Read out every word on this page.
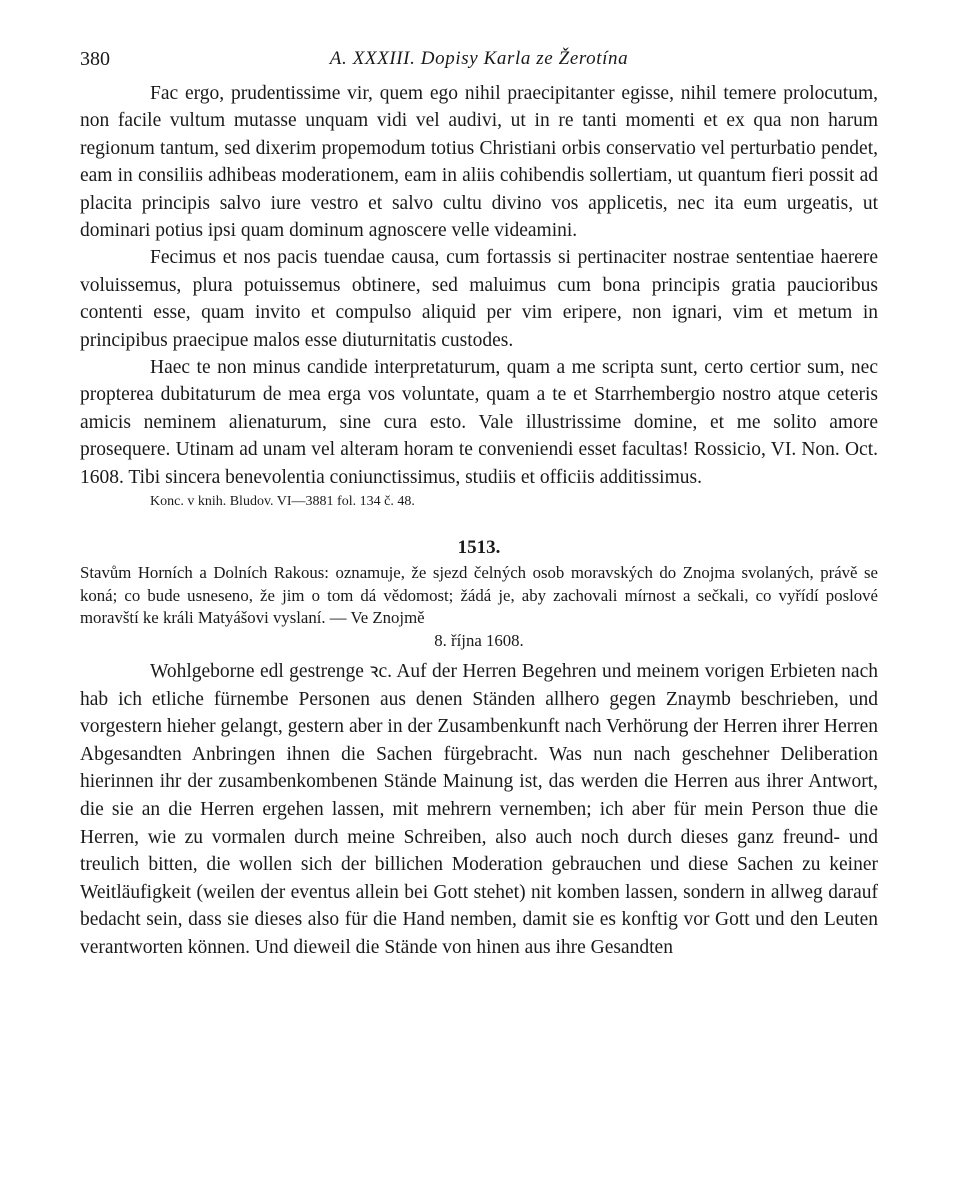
380	A. XXXIII. Dopisy Karla ze Žerotína

Fac ergo, prudentissime vir, quem ego nihil praecipitanter egisse, nihil temere prolocutum, non facile vultum mutasse unquam vidi vel audivi, ut in re tanti momenti et ex qua non harum regionum tantum, sed dixerim propemodum totius Christiani orbis conservatio vel perturbatio pendet, eam in consiliis adhibeas moderationem, eam in aliis cohibendis sollertiam, ut quantum fieri possit ad placita principis salvo iure vestro et salvo cultu divino vos applicetis, nec ita eum urgeatis, ut dominari potius ipsi quam dominum agnoscere velle videamini.

Fecimus et nos pacis tuendae causa, cum fortassis si pertinaciter nostrae sententiae haerere voluissemus, plura potuissemus obtinere, sed maluimus cum bona principis gratia paucioribus contenti esse, quam invito et compulso aliquid per vim eripere, non ignari, vim et metum in principibus praecipue malos esse diuturnitatis custodes.

Haec te non minus candide interpretaturum, quam a me scripta sunt, certo certior sum, nec propterea dubitaturum de mea erga vos voluntate, quam a te et Starrhembergio nostro atque ceteris amicis neminem alienaturum, sine cura esto. Vale illustrissime domine, et me solito amore prosequere. Utinam ad unam vel alteram horam te conveniendi esset facultas! Rossicio, VI. Non. Oct. 1608. Tibi sincera benevolentia coniunctissimus, studiis et officiis additissimus.

Konc. v knih. Bludov. VI—3881 fol. 134 č. 48.
1513.
Stavům Horních a Dolních Rakous: oznamuje, že sjezd čelných osob moravských do Znojma svolaných, právě se koná; co bude usneseno, že jim o tom dá vědomost; žádá je, aby zachovali mírnost a sečkali, co vyřídí poslové moravští ke králi Matyášovi vyslaní. — Ve Znojmě
8. října 1608.

Wohlgeborne edl gestrenge ꝛc. Auf der Herren Begehren und meinem vorigen Erbieten nach hab ich etliche fürnembe Personen aus denen Ständen allhero gegen Znaymb beschrieben, und vorgestern hieher gelangt, gestern aber in der Zusambenkunft nach Verhörung der Herren ihrer Herren Abgesandten Anbringen ihnen die Sachen fürgebracht. Was nun nach geschehner Deliberation hierinnen ihr der zusambenkombenen Stände Mainung ist, das werden die Herren aus ihrer Antwort, die sie an die Herren ergehen lassen, mit mehrern vernemben; ich aber für mein Person thue die Herren, wie zu vormalen durch meine Schreiben, also auch noch durch dieses ganz freund- und treulich bitten, die wollen sich der billichen Moderation gebrauchen und diese Sachen zu keiner Weitläufigkeit (weilen der eventus allein bei Gott stehet) nit komben lassen, sondern in allweg darauf bedacht sein, dass sie dieses also für die Hand nemben, damit sie es konftig vor Gott und den Leuten verantworten können. Und dieweil die Stände von hinen aus ihre Gesandten
